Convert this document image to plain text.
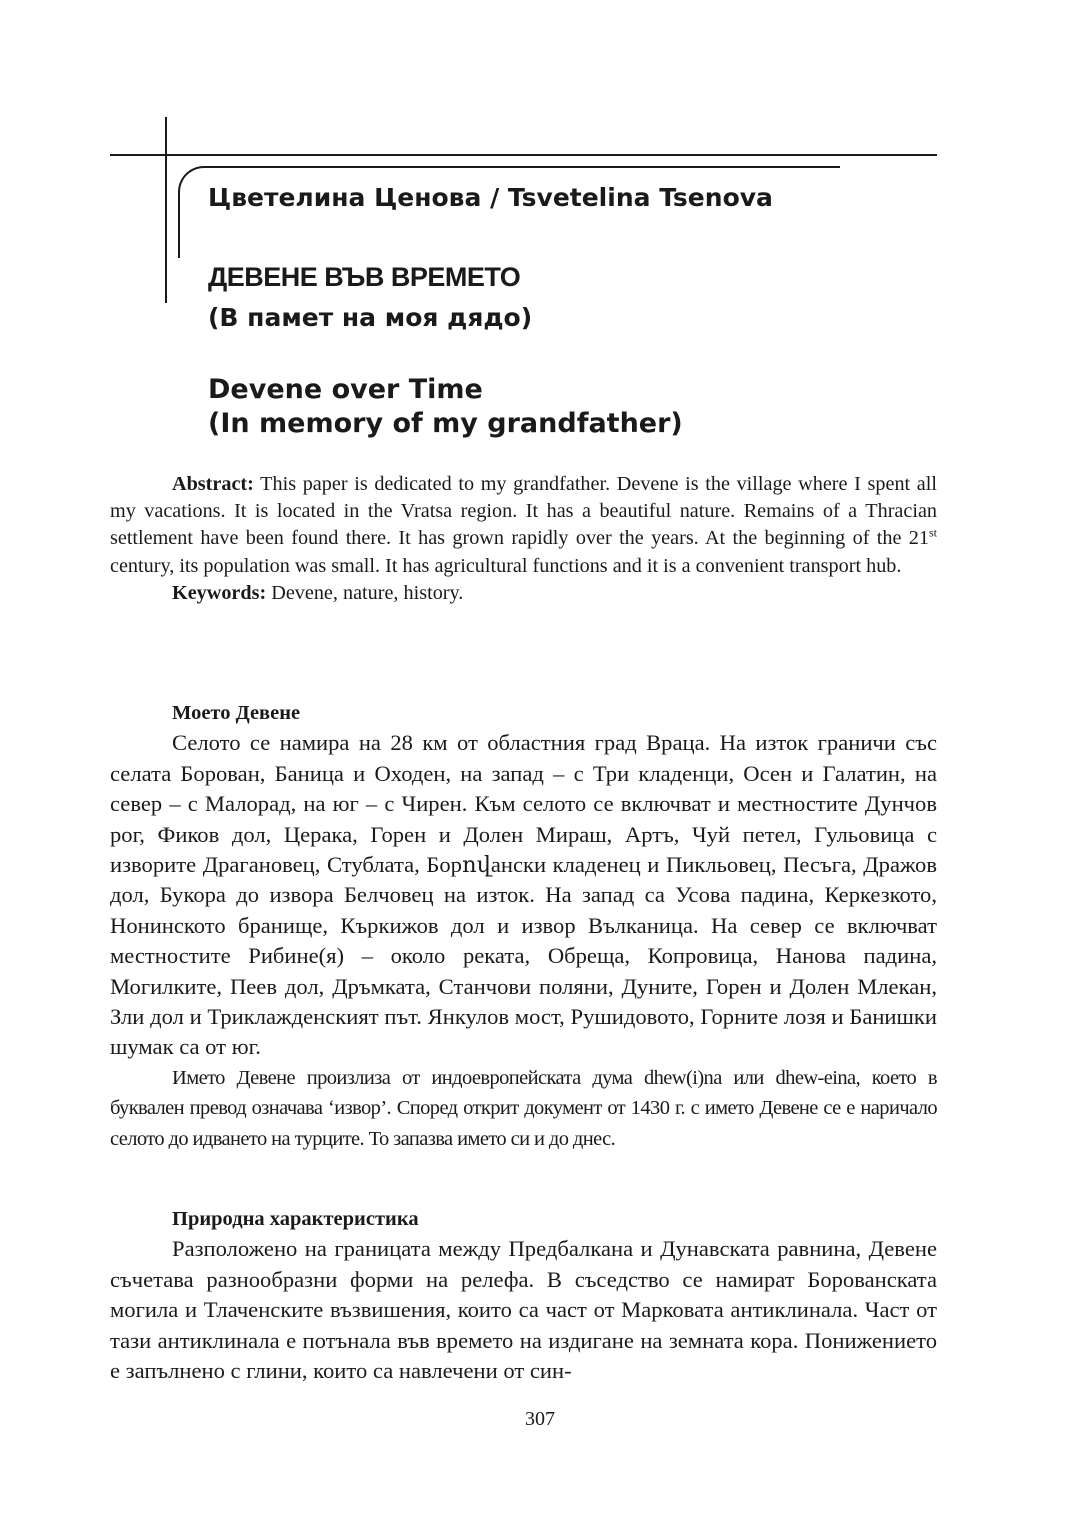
Цветелина Ценова / Tsvetelina Tsenova
ДЕВЕНЕ ВЪВ ВРЕМЕТО
(В памет на моя дядо)
Devene over Time
(In memory of my grandfather)

Abstract: This paper is dedicated to my grandfather. Devene is the village where I spent all my vacations. It is located in the Vratsa region. It has a beautiful nature. Remains of a Thracian settlement have been found there. It has grown rapidly over the years. At the beginning of the 21st century, its population was small. It has agricultural functions and it is a convenient transport hub.

Keywords: Devene, nature, history.

Моето Девене

Селото се намира на 28 км от областния град Враца. На изток граничи със селата Борован, Баница и Оходен, на запад – с Три кладенци, Осен и Галатин, на север – с Малорад, на юг – с Чирен. Към селото се включват и местностите Дунчов рог, Фиков дол, Церака, Горен и Долен Мираш, Артъ, Чуй петел, Гульовица с изворите Драгановец, Стублата, Борովански кладенец и Пикльовец, Песъга, Дражов дол, Букора до извора Белчовец на изток. На запад са Усова падина, Керкезкото, Нонинското бранище, Къркижов дол и извор Вълканица. На север се включват местностите Рибине(я) – около реката, Обреща, Копровица, Нанова падина, Могилките, Пеев дол, Дръмката, Станчови поляни, Дуните, Горен и Долен Млекан, Зли дол и Триклажденският път. Янкулов мост, Рушидовото, Горните лозя и Банишки шумак са от юг.

Името Девене произлиза от индоевропейската дума dhew(i)na или dhew-eina, което в буквален превод означава ‘извор’. Според открит документ от 1430 г. с името Девене се е наричало селото до идването на турците. То запазва името си и до днес.

Природна характеристика

Разположено на границата между Предбалкана и Дунавската равнина, Девене съчетава разнообразни форми на релефа. В съседство се намират Борованската могила и Тлаченските възвишения, които са част от Марковата антиклинала. Част от тази антиклинала е потънала във времето на издигане на земната кора. Понижението е запълнено с глини, които са навлечени от син-

307
